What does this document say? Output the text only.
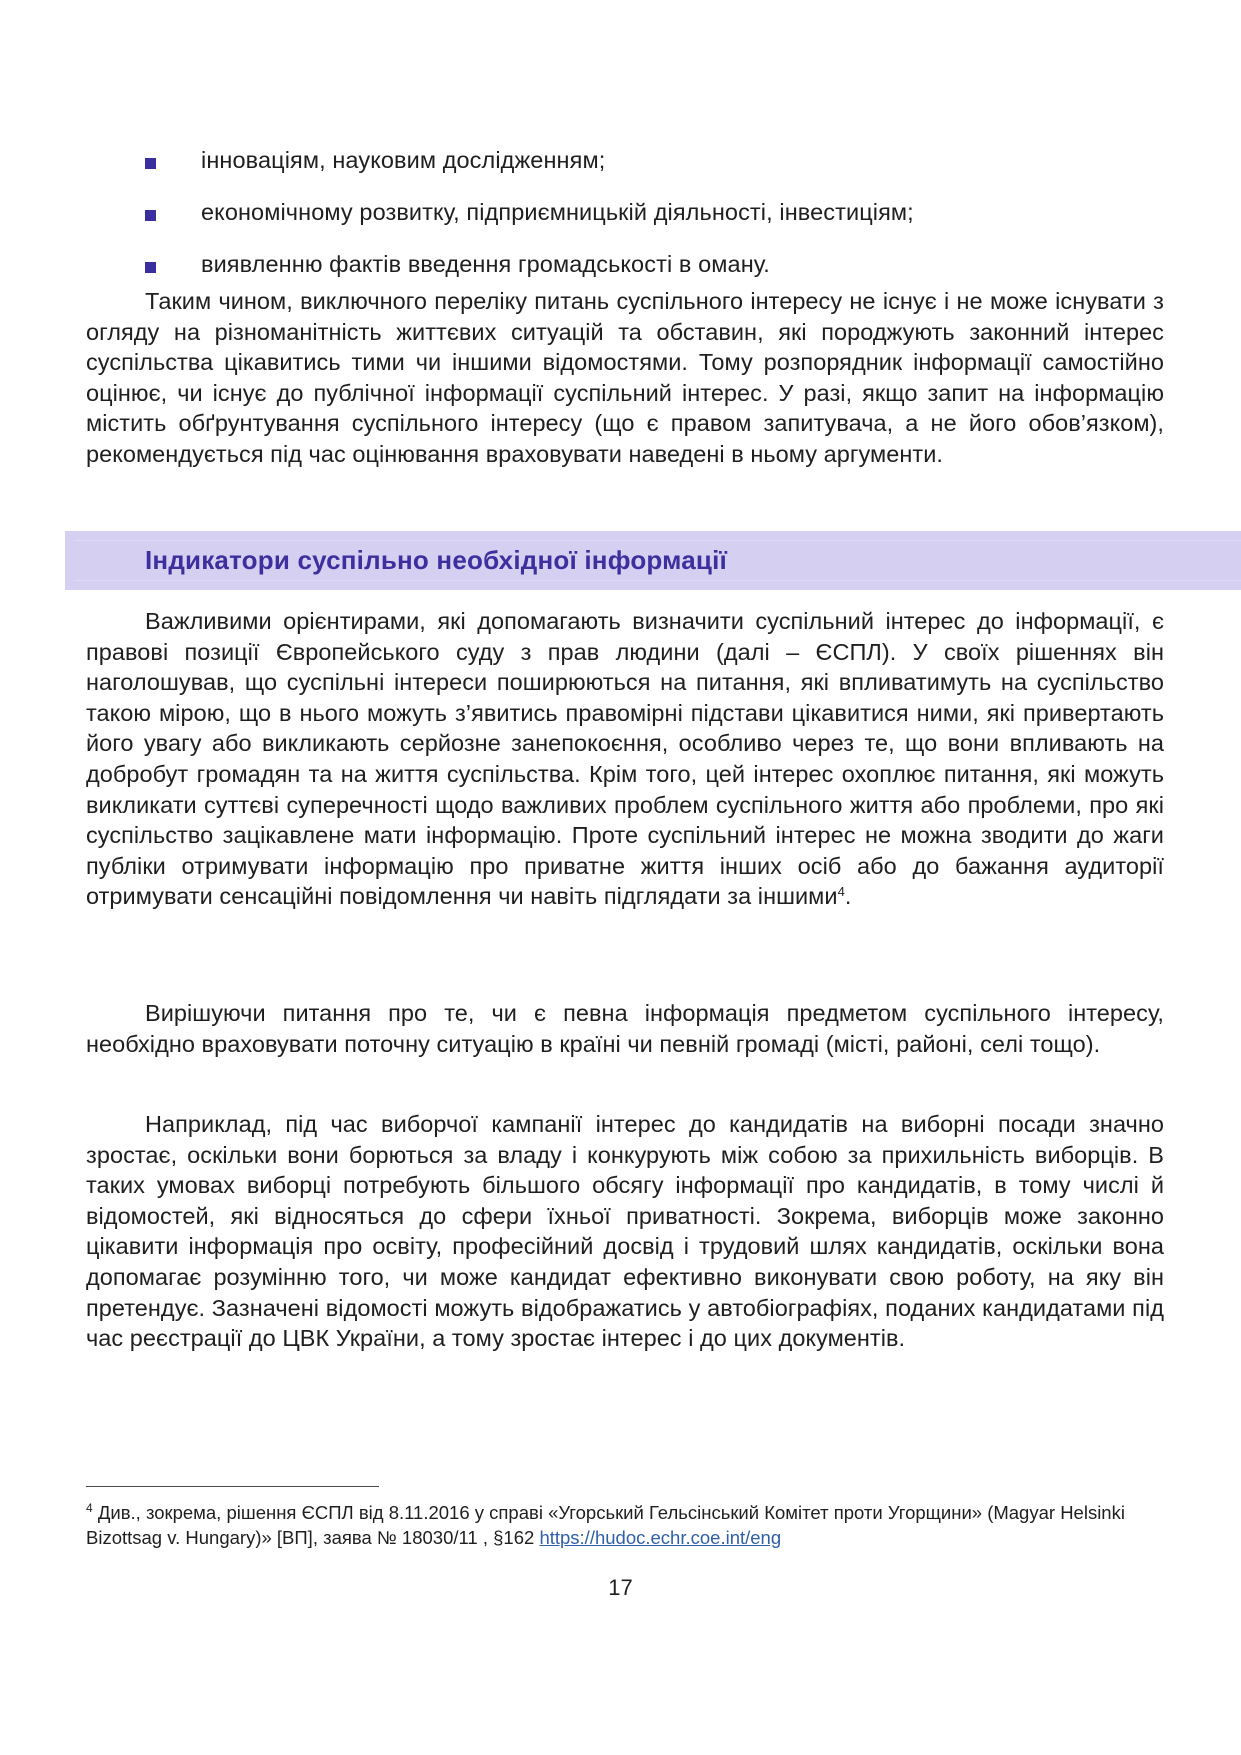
інноваціям, науковим дослідженням;
економічному розвитку, підприємницькій діяльності, інвестиціям;
виявленню фактів введення громадськості в оману.

Таким чином, виключного переліку питань суспільного інтересу не існує і не може існувати з огляду на різноманітність життєвих ситуацій та обставин, які породжують законний інтерес суспільства цікавитись тими чи іншими відомостями. Тому розпорядник інформації самостійно оцінює, чи існує до публічної інформації суспільний інтерес. У разі, якщо запит на інформацію містить обґрунтування суспільного інтересу (що є правом запитувача, а не його обов’язком), рекомендується під час оцінювання враховувати наведені в ньому аргументи.

Індикатори суспільно необхідної інформації

Важливими орієнтирами, які допомагають визначити суспільний інтерес до інформації, є правові позиції Європейського суду з прав людини (далі – ЄСПЛ). У своїх рішеннях він наголошував, що суспільні інтереси поширюються на питання, які впливатимуть на суспільство такою мірою, що в нього можуть з’явитись правомірні підстави цікавитися ними, які привертають його увагу або викликають серйозне занепокоєння, особливо через те, що вони впливають на добробут громадян та на життя суспільства. Крім того, цей інтерес охоплює питання, які можуть викликати суттєві суперечності щодо важливих проблем суспільного життя або проблеми, про які суспільство зацікавлене мати інформацію. Проте суспільний інтерес не можна зводити до жаги публіки отримувати інформацію про приватне життя інших осіб або до бажання аудиторії отримувати сенсаційні повідомлення чи навіть підглядати за іншими$^4$.

Вирішуючи питання про те, чи є певна інформація предметом суспільного інтересу, необхідно враховувати поточну ситуацію в країні чи певній громаді (місті, районі, селі тощо).

Наприклад, під час виборчої кампанії інтерес до кандидатів на виборні посади значно зростає, оскільки вони борються за владу і конкурують між собою за прихильність виборців. В таких умовах виборці потребують більшого обсягу інформації про кандидатів, в тому числі й відомостей, які відносяться до сфери їхньої приватності. Зокрема, виборців може законно цікавити інформація про освіту, професійний досвід і трудовий шлях кандидатів, оскільки вона допомагає розумінню того, чи може кандидат ефективно виконувати свою роботу, на яку він претендує. Зазначені відомості можуть відображатись у автобіографіях, поданих кандидатами під час реєстрації до ЦВК України, а тому зростає інтерес і до цих документів.

$^4$ Див., зокрема, рішення ЄСПЛ від 8.11.2016 у справі «Угорський Гельсінський Комітет проти Угорщини» (Magyar Helsinki Bizottsag v. Hungary)» [ВП], заява № 18030/11 , §162 https://hudoc.echr.coe.int/eng

17
